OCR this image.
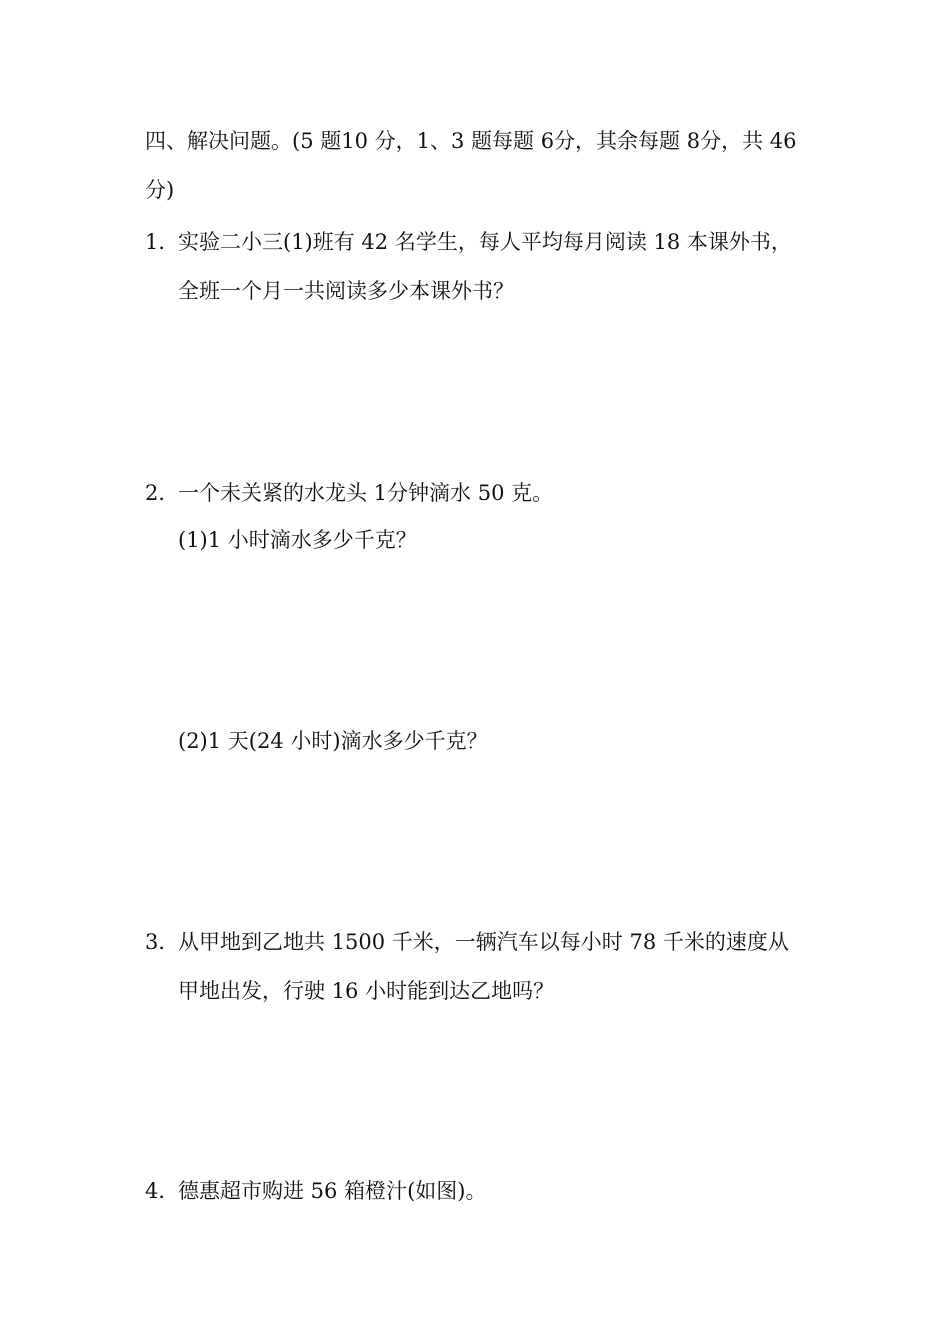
四、解决问题。(5 题10 分，1、3 题每题 6分，其余每题 8分，共 46
分)
1．
实验二小三(1)班有 42 名学生，每人平均每月阅读 18 本课外书，
全班一个月一共阅读多少本课外书？
2．
一个未关紧的水龙头 1分钟滴水 50 克。
(1)1 小时滴水多少千克？
(2)1 天(24 小时)滴水多少千克？
3．
从甲地到乙地共 1500 千米，一辆汽车以每小时 78 千米的速度从
甲地出发，行驶 16 小时能到达乙地吗？
4．
德惠超市购进 56 箱橙汁(如图)。
